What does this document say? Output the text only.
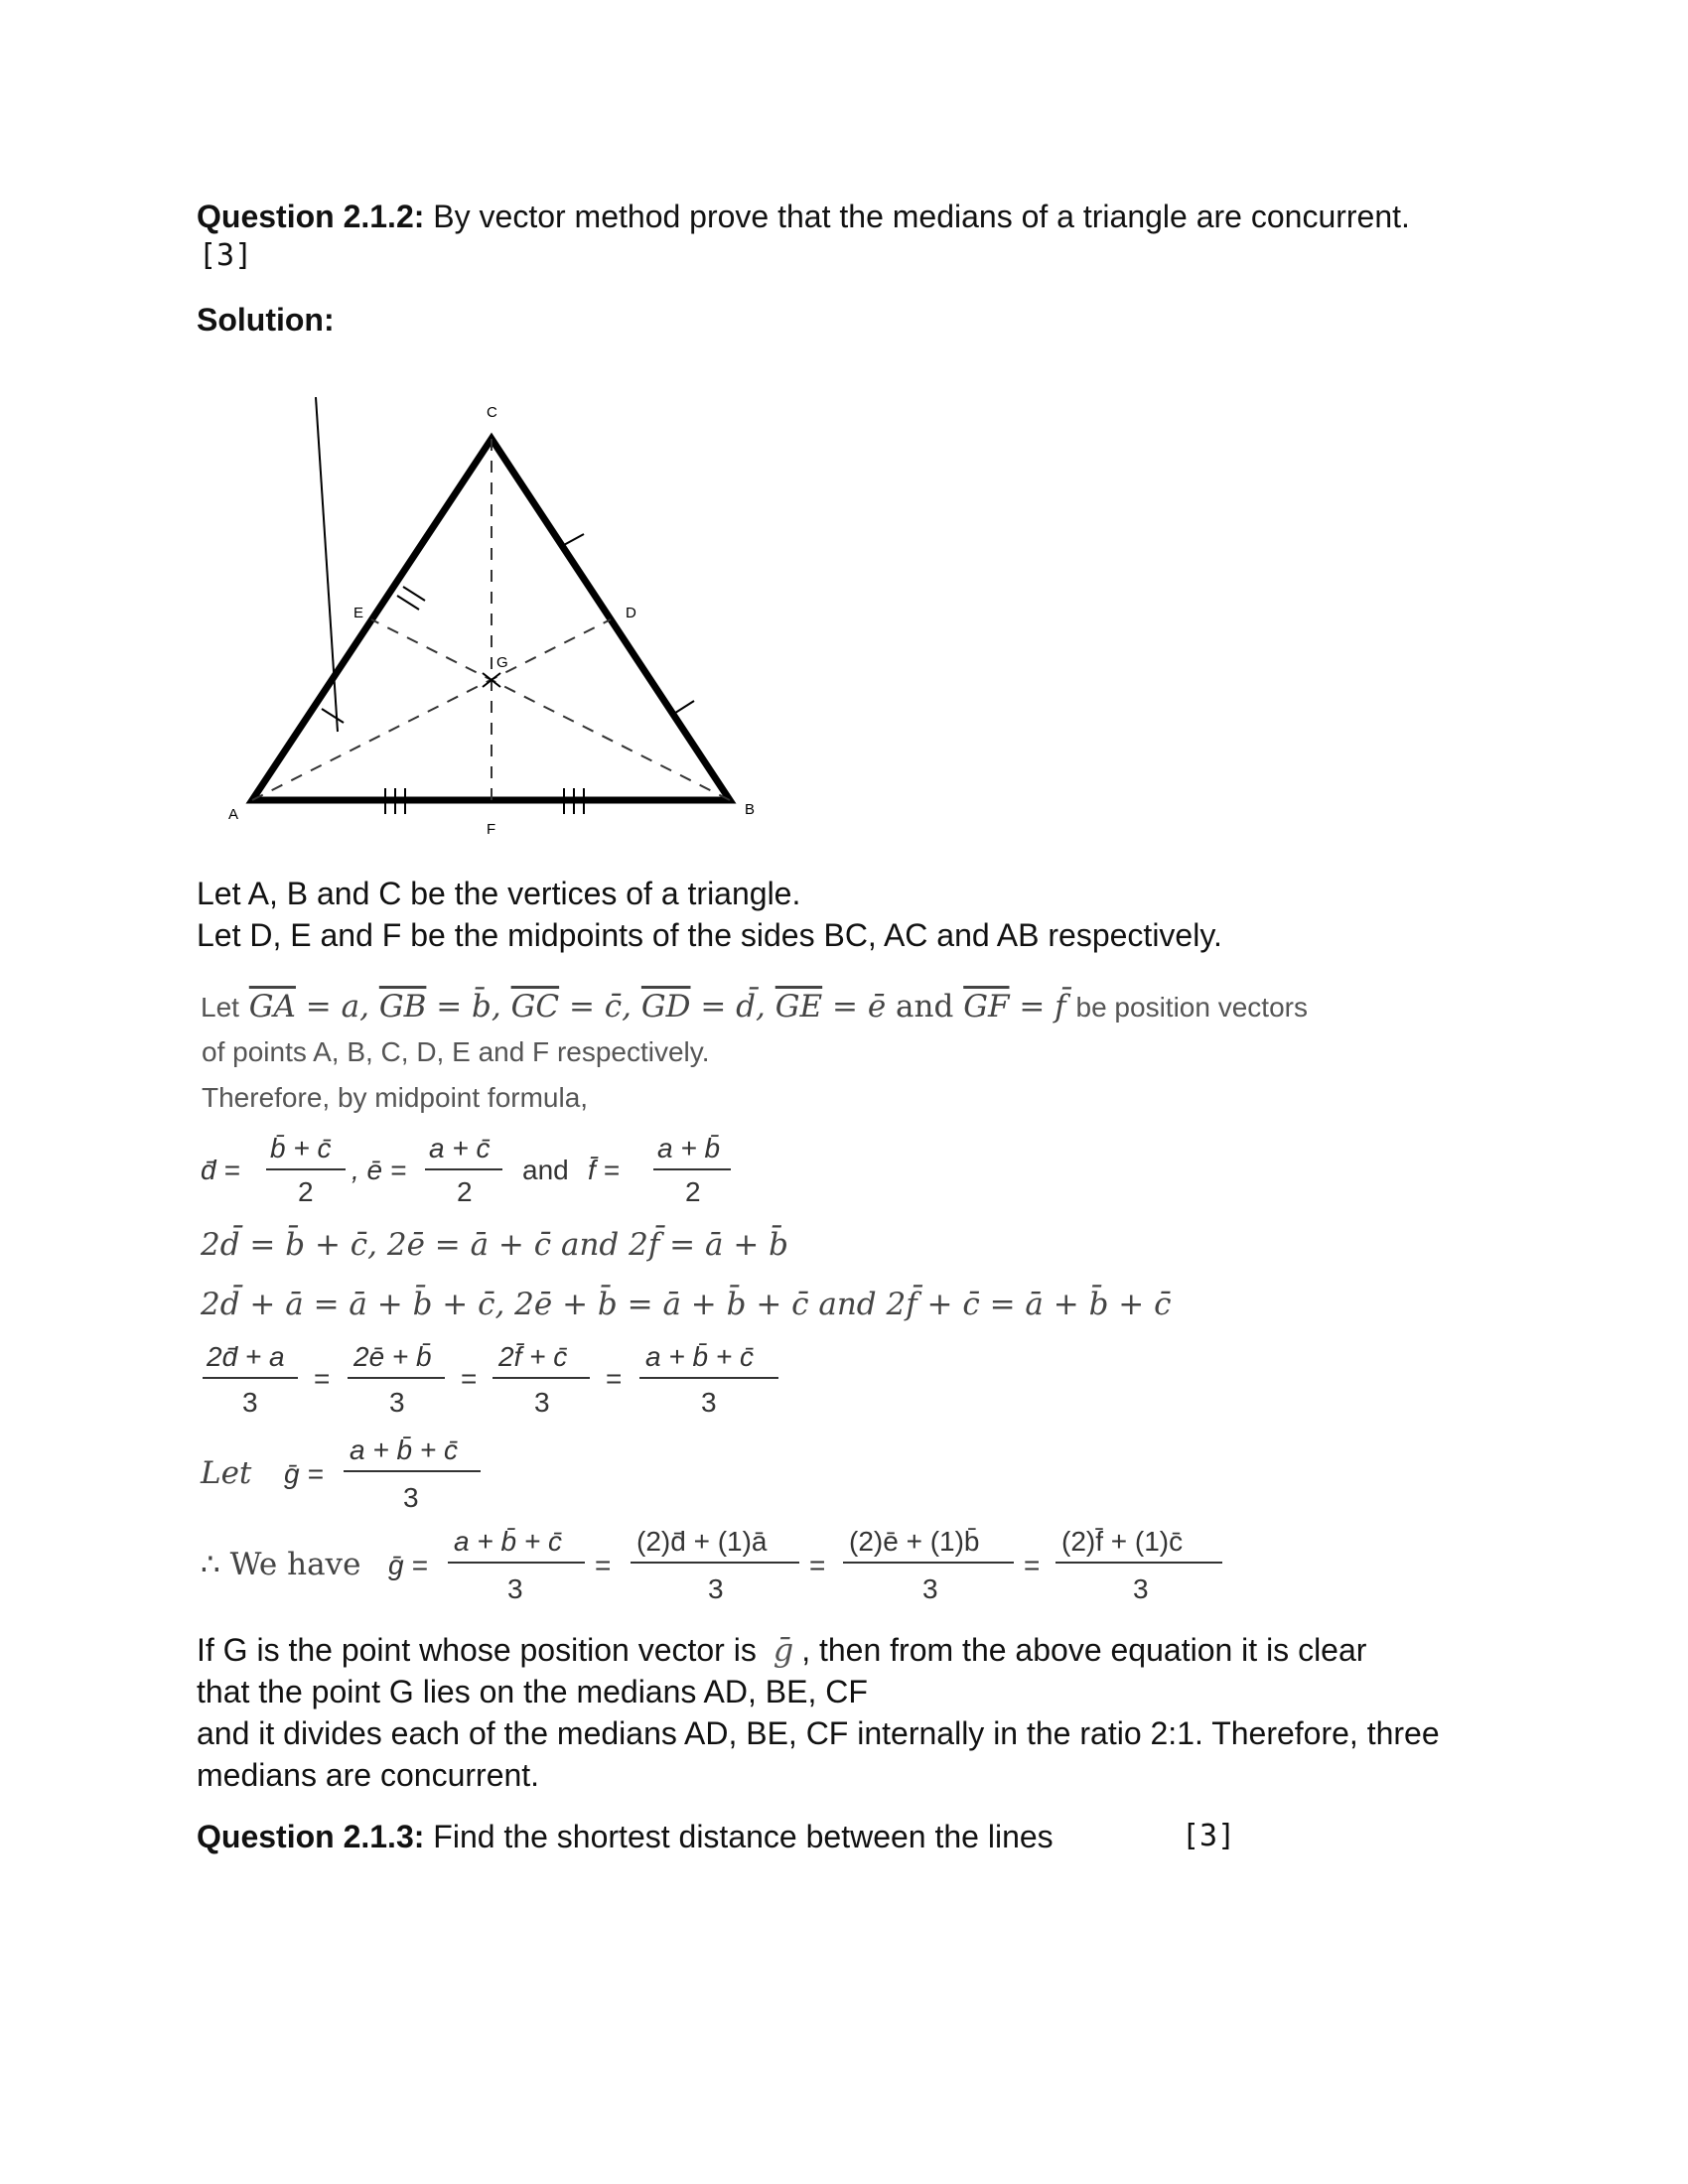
Question 2.1.2: By vector method prove that the medians of a triangle are concurrent.
[3]
Solution:
C
A	B
D
E
F
G
Let A, B and C be the vertices of a triangle.
Let D, E and F be the midpoints of the sides BC, AC and AB respectively.
Let $\overline{GA} = a$, $\overline{GB}$ = b̄, $\overline{GC}$ = c̄, $\overline{GD}$ = d̄, $\overline{GE}$ = ē and $\overline{GF}$ = f̄ be position vectors
of points A, B, C, D, E and F respectively.
Therefore, by midpoint formula,
d̄ =
b̄ + c̄
2
, ē =
a + c̄
2
and f̄ =
a + b̄
2
2d̄ = b̄ + c̄, 2ē = ā + c̄ and 2f̄ = ā + b̄
2d̄ + ā = ā + b̄ + c̄, 2ē + b̄ = ā + b̄ + c̄ and 2f̄ + c̄ = ā + b̄ + c̄
2d̄ + a
3
=
2ē + b̄
3
=
2f̄ + c̄
3
=
a + b̄ + c̄
3
Let ḡ =
a + b̄ + c̄
3
∴ We have ḡ =
a + b̄ + c̄
3
=
(2)d̄ + (1)ā
3
=
(2)ē + (1)b̄
3
=
(2)f̄ + (1)c̄
3
If G is the point whose position vector is ḡ , then from the above equation it is clear
that the point G lies on the medians AD, BE, CF
and it divides each of the medians AD, BE, CF internally in the ratio 2:1. Therefore, three
medians are concurrent.
Question 2.1.3: Find the shortest distance between the lines	[3]
